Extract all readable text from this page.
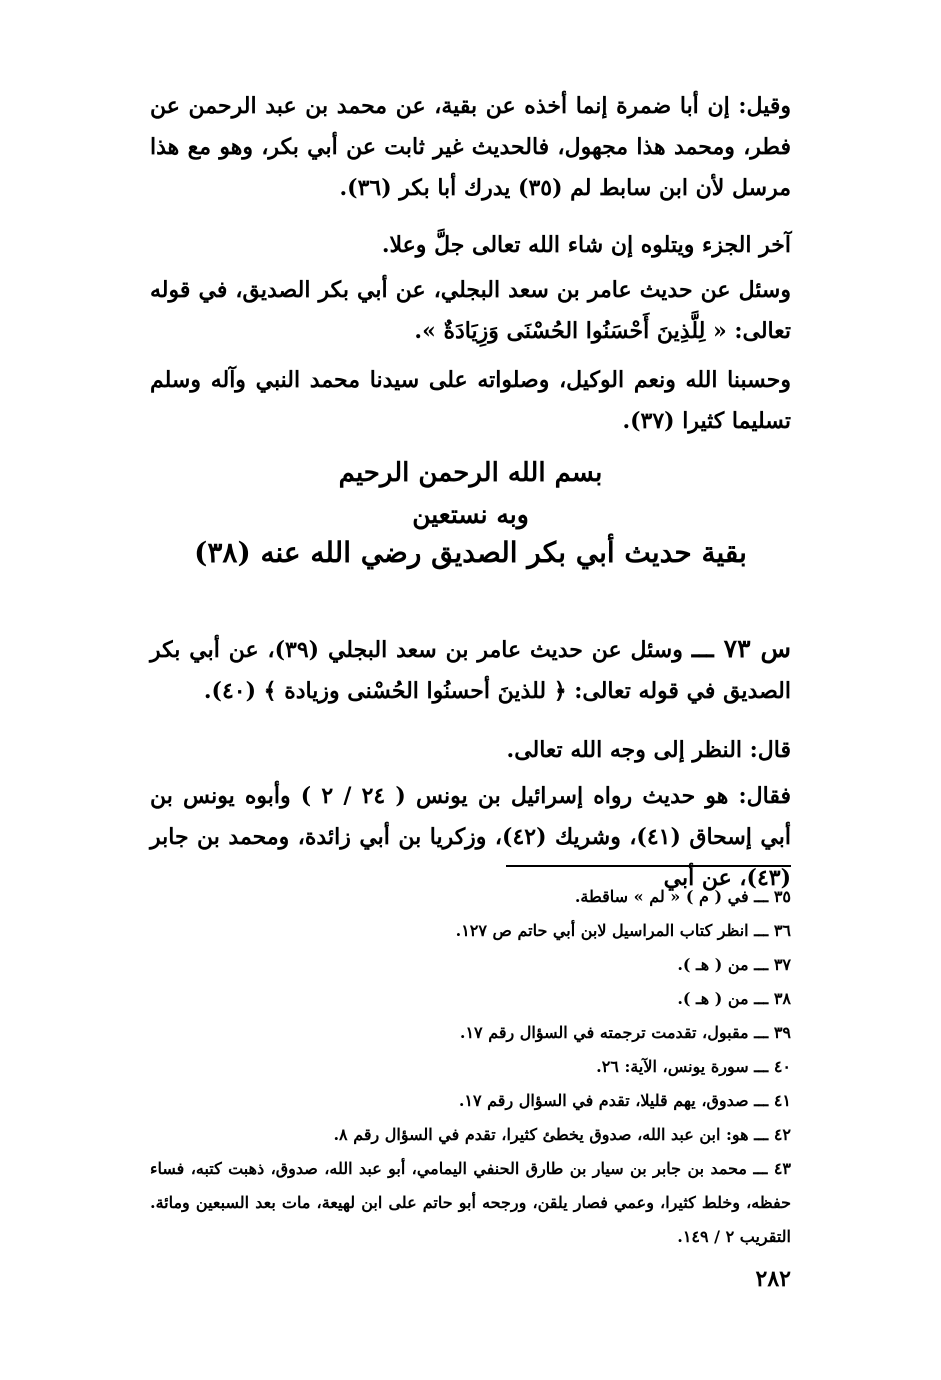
وقيل: إن أبا ضمرة إنما أخذه عن بقية، عن محمد بن عبد الرحمن عن فطر، ومحمد هذا مجهول، فالحديث غير ثابت عن أبي بكر، وهو مع هذا مرسل لأن ابن سابط لم (٣٥) يدرك أبا بكر (٣٦).

آخر الجزء ويتلوه إن شاء الله تعالى جلَّ وعلا.

وسئل عن حديث عامر بن سعد البجلي، عن أبي بكر الصديق، في قوله تعالى: « لِلَّذِينَ أَحْسَنُوا الحُسْنَى وَزِيَادَةٌ ».

وحسبنا الله ونعم الوكيل، وصلواته على سيدنا محمد النبي وآله وسلم تسليما كثيرا (٣٧).

بسم الله الرحمن الرحيم
وبه نستعين
بقية حديث أبي بكر الصديق رضي الله عنه (٣٨)

س ٧٣ ـــ وسئل عن حديث عامر بن سعد البجلي (٣٩)، عن أبي بكر الصديق في قوله تعالى: ﴿ للذينَ أحسنُوا الحُسْنى وزيادة ﴾ (٤٠).

قال: النظر إلى وجه الله تعالى.

فقال: هو حديث رواه إسرائيل بن يونس ( ٢٤ / ٢ ) وأبوه يونس بن أبي إسحاق (٤١)، وشريك (٤٢)، وزكريا بن أبي زائدة، ومحمد بن جابر (٤٣)، عن أبي

٣٥ ـــ في ( م ) « لم » ساقطة.

٣٦ ـــ انظر كتاب المراسيل لابن أبي حاتم ص ١٢٧.

٣٧ ـــ من ( هـ ).

٣٨ ـــ من ( هـ ).

٣٩ ـــ مقبول، تقدمت ترجمته في السؤال رقم ١٧.

٤٠ ـــ سورة يونس، الآية: ٢٦.

٤١ ـــ صدوق، يهم قليلا، تقدم في السؤال رقم ١٧.

٤٢ ـــ هو: ابن عبد الله، صدوق يخطئ كثيرا، تقدم في السؤال رقم ٨.

٤٣ ـــ محمد بن جابر بن سيار بن طارق الحنفي اليمامي، أبو عبد الله، صدوق، ذهبت كتبه، فساء حفظه، وخلط كثيرا، وعمي فصار يلقن، ورجحه أبو حاتم على ابن لهيعة، مات بعد السبعين ومائة. التقريب ٢ / ١٤٩.

٢٨٢
